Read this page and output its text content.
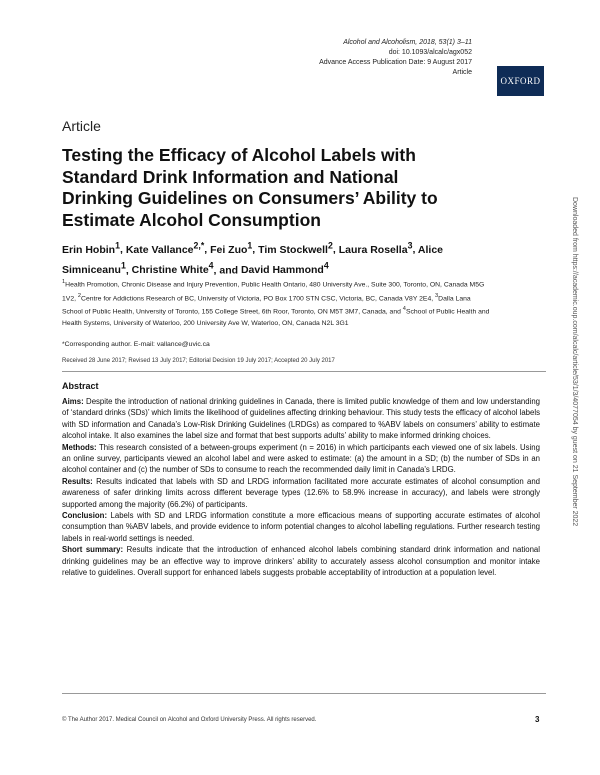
Alcohol and Alcoholism, 2018, 53(1) 3–11
doi: 10.1093/alcalc/agx052
Advance Access Publication Date: 9 August 2017
Article
OXFORD
Article
Testing the Efficacy of Alcohol Labels with Standard Drink Information and National Drinking Guidelines on Consumers’ Ability to Estimate Alcohol Consumption
Erin Hobin$^1$, Kate Vallance$^{2,*}$, Fei Zuo$^1$, Tim Stockwell$^2$, Laura Rosella$^3$, Alice Simniceanu$^1$, Christine White$^4$, and David Hammond$^4$
$^1$Health Promotion, Chronic Disease and Injury Prevention, Public Health Ontario, 480 University Ave., Suite 300, Toronto, ON, Canada M5G 1V2, $^2$Centre for Addictions Research of BC, University of Victoria, PO Box 1700 STN CSC, Victoria, BC, Canada V8Y 2E4, $^3$Dalla Lana School of Public Health, University of Toronto, 155 College Street, 6th Roor, Toronto, ON M5T 3M7, Canada, and $^4$School of Public Health and Health Systems, University of Waterloo, 200 University Ave W, Waterloo, ON, Canada N2L 3G1
*Corresponding author. E-mail: vallance@uvic.ca
Received 28 June 2017; Revised 13 July 2017; Editorial Decision 19 July 2017; Accepted 20 July 2017
Abstract

Aims: Despite the introduction of national drinking guidelines in Canada, there is limited public knowledge of them and low understanding of ‘standard drinks (SDs)’ which limits the likelihood of guidelines affecting drinking behaviour. This study tests the efficacy of alcohol labels with SD information and Canada’s Low-Risk Drinking Guidelines (LRDGs) as compared to %ABV labels on consumers’ ability to estimate alcohol intake. It also examines the label size and format that best supports adults’ ability to make informed drinking choices.

Methods: This research consisted of a between-groups experiment (n = 2016) in which participants each viewed one of six labels. Using an online survey, participants viewed an alcohol label and were asked to estimate: (a) the amount in a SD; (b) the number of SDs in an alcohol container and (c) the number of SDs to consume to reach the recommended daily limit in Canada’s LRDG.

Results: Results indicated that labels with SD and LRDG information facilitated more accurate estimates of alcohol consumption and awareness of safer drinking limits across different beverage types (12.6% to 58.9% increase in accuracy), and labels were strongly supported among the majority (66.2%) of participants.

Conclusion: Labels with SD and LRDG information constitute a more efficacious means of supporting accurate estimates of alcohol consumption than %ABV labels, and provide evidence to inform potential changes to alcohol labelling regulations. Further research testing labels in real-world settings is needed.

Short summary: Results indicate that the introduction of enhanced alcohol labels combining standard drink information and national drinking guidelines may be an effective way to improve drinkers’ ability to accurately assess alcohol consumption and monitor intake relative to guidelines. Overall support for enhanced labels suggests probable acceptability of introduction at a population level.

© The Author 2017. Medical Council on Alcohol and Oxford University Press. All rights reserved.	3
Downloaded from https://academic.oup.com/alcalc/article/53/1/3/4077054 by guest on 21 September 2022
